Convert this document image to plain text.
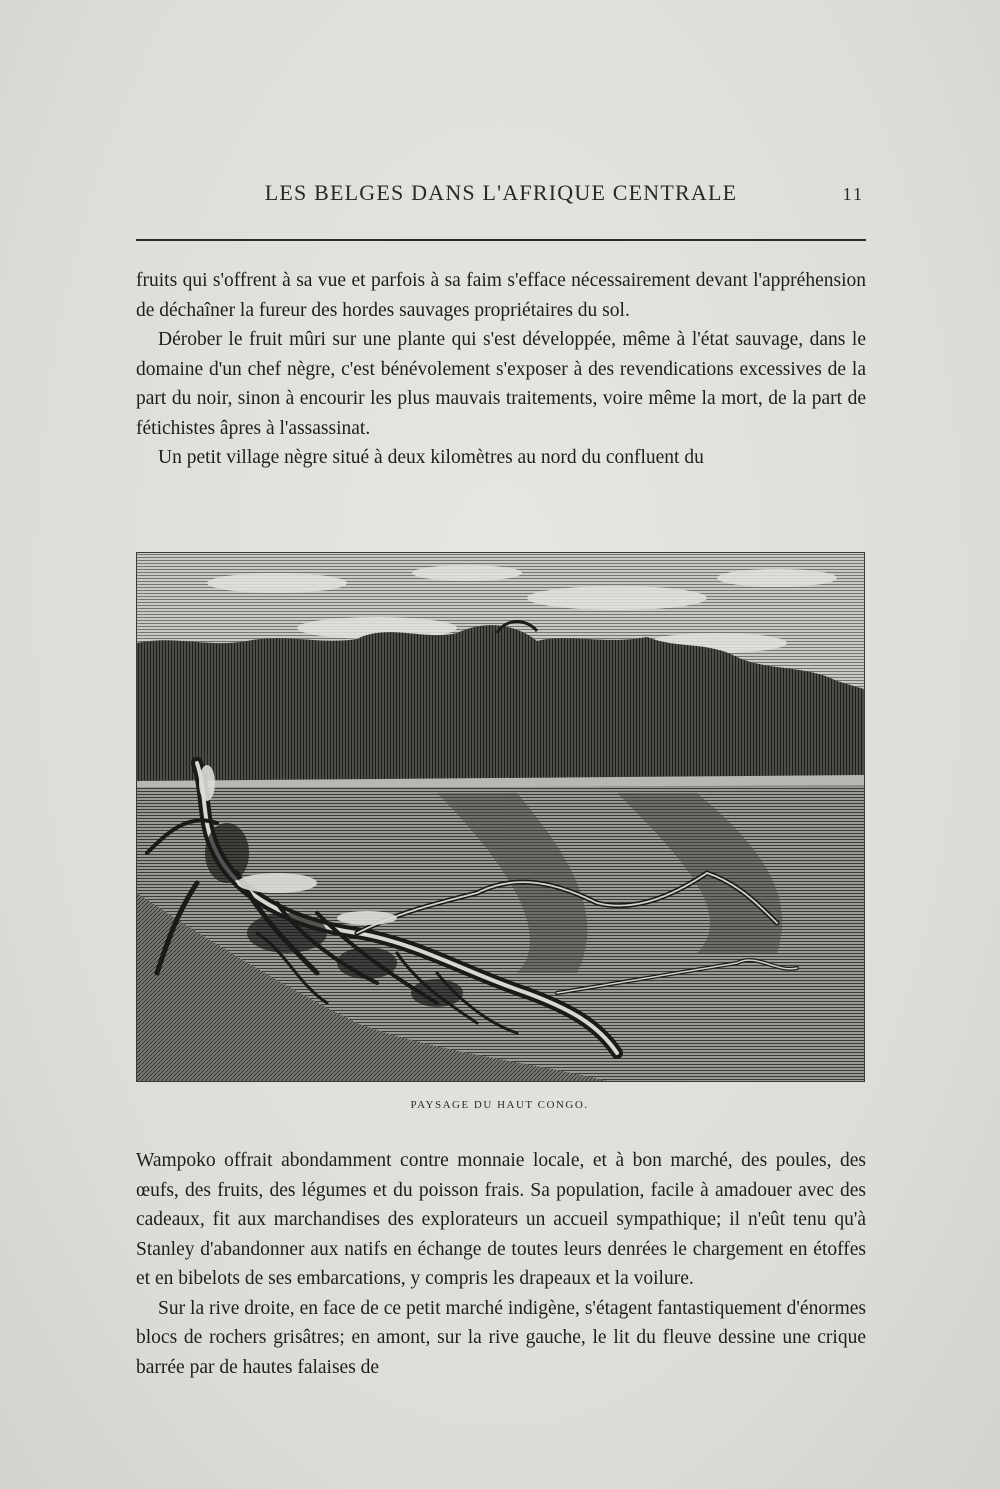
LES BELGES DANS L'AFRIQUE CENTRALE	11

fruits qui s'offrent à sa vue et parfois à sa faim s'efface nécessairement devant l'appréhension de déchaîner la fureur des hordes sauvages propriétaires du sol.

Dérober le fruit mûri sur une plante qui s'est développée, même à l'état sauvage, dans le domaine d'un chef nègre, c'est bénévolement s'exposer à des revendications excessives de la part du noir, sinon à encourir les plus mauvais traitements, voire même la mort, de la part de fétichistes âpres à l'assassinat.

Un petit village nègre situé à deux kilomètres au nord du confluent du

PAYSAGE DU HAUT CONGO.

Wampoko offrait abondamment contre monnaie locale, et à bon marché, des poules, des œufs, des fruits, des légumes et du poisson frais. Sa population, facile à amadouer avec des cadeaux, fit aux marchandises des explorateurs un accueil sympathique; il n'eût tenu qu'à Stanley d'abandonner aux natifs en échange de toutes leurs denrées le chargement en étoffes et en bibelots de ses embarcations, y compris les drapeaux et la voilure.

Sur la rive droite, en face de ce petit marché indigène, s'étagent fantastiquement d'énormes blocs de rochers grisâtres; en amont, sur la rive gauche, le lit du fleuve dessine une crique barrée par de hautes falaises de
